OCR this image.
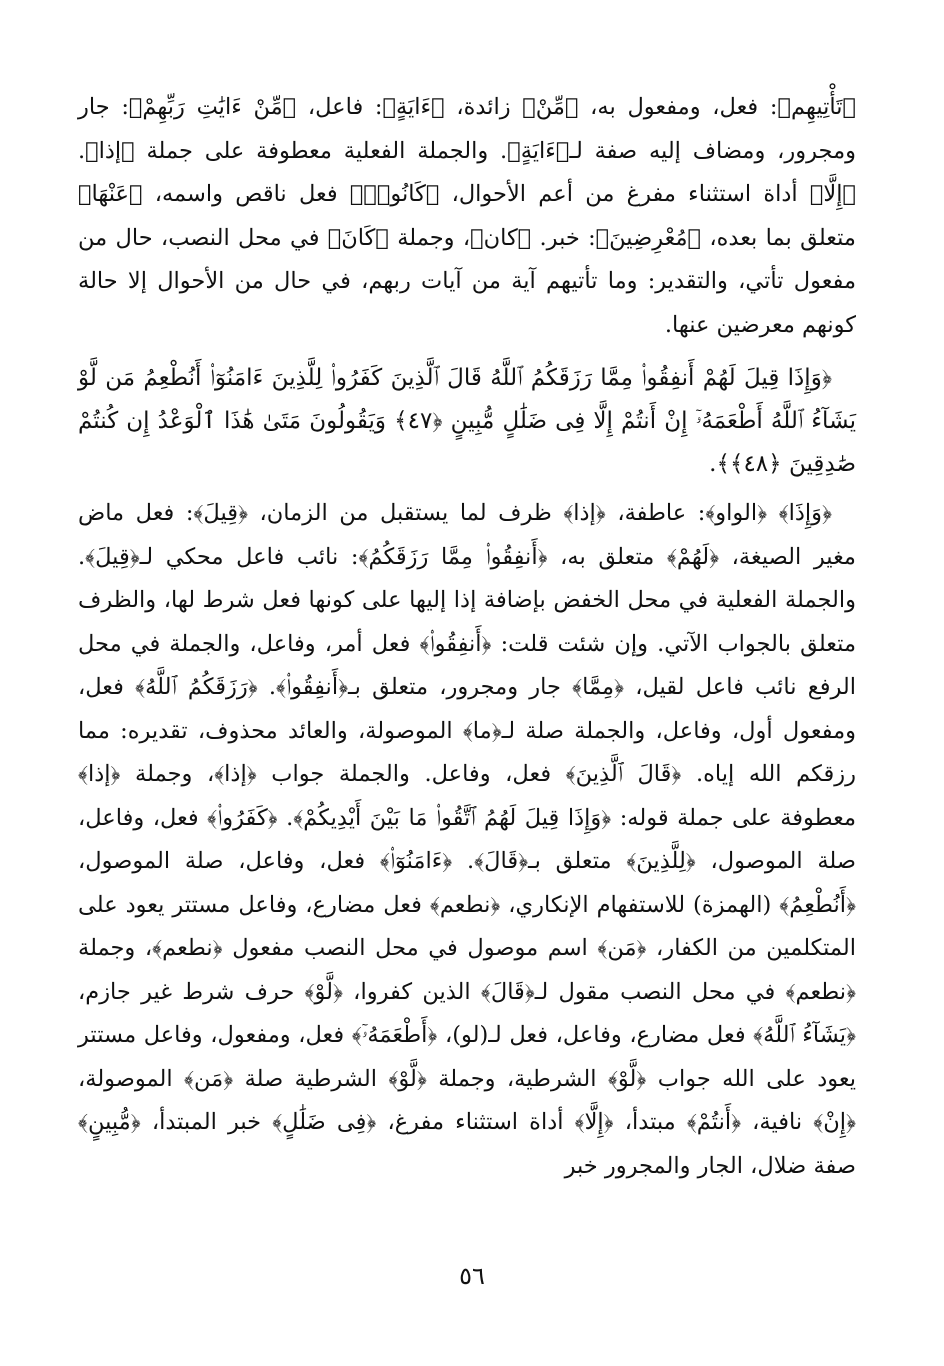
﴿تَأْتِيهِم﴾: فعل، ومفعول به، ﴿مِّنْ﴾ زائدة، ﴿ءَايَةٍ﴾: فاعل، ﴿مِّنْ ءَايَٰتِ رَبِّهِمْ﴾: جار ومجرور، ومضاف إليه صفة لـ﴿ءَايَةٍ﴾. والجملة الفعلية معطوفة على جملة ﴿إذا﴾. ﴿إِلَّا﴾ أداة استثناء مفرغ من أعم الأحوال، ﴿كَانُوا۟﴾ فعل ناقص واسمه، ﴿عَنْهَا﴾ متعلق بما بعده، ﴿مُعْرِضِينَ﴾: خبر. ﴿كان﴾، وجملة ﴿كَانَ﴾ في محل النصب، حال من مفعول تأتي، والتقدير: وما تأتيهم آية من آيات ربهم، في حال من الأحوال إلا حالة كونهم معرضين عنها.

﴿وَإِذَا قِيلَ لَهُمْ أَنفِقُوا۟ مِمَّا رَزَقَكُمُ ٱللَّهُ قَالَ ٱلَّذِينَ كَفَرُوا۟ لِلَّذِينَ ءَامَنُوٓا۟ أَنُطْعِمُ مَن لَّوْ يَشَآءُ ٱللَّهُ أَطْعَمَهُۥٓ إِنْ أَنتُمْ إِلَّا فِى ضَلَٰلٍ مُّبِينٍ ﴿٤٧﴾ وَيَقُولُونَ مَتَىٰ هَٰذَا ٱلْوَعْدُ إِن كُنتُمْ صَٰدِقِينَ ﴿٤٨﴾﴾.

﴿وَإِذَا﴾ ﴿الواو﴾: عاطفة، ﴿إذا﴾ ظرف لما يستقبل من الزمان، ﴿قِيلَ﴾: فعل ماض مغير الصيغة، ﴿لَهُمْ﴾ متعلق به، ﴿أَنفِقُوا۟ مِمَّا رَزَقَكُمُ﴾: نائب فاعل محكي لـ﴿قِيلَ﴾. والجملة الفعلية في محل الخفض بإضافة إذا إليها على كونها فعل شرط لها، والظرف متعلق بالجواب الآتي. وإن شئت قلت: ﴿أَنفِقُوا۟﴾ فعل أمر، وفاعل، والجملة في محل الرفع نائب فاعل لقيل، ﴿مِمَّا﴾ جار ومجرور، متعلق بـ﴿أَنفِقُوا۟﴾. ﴿رَزَقَكُمُ ٱللَّهُ﴾ فعل، ومفعول أول، وفاعل، والجملة صلة لـ﴿ما﴾ الموصولة، والعائد محذوف، تقديره: مما رزقكم الله إياه. ﴿قَالَ ٱلَّذِينَ﴾ فعل، وفاعل. والجملة جواب ﴿إذا﴾، وجملة ﴿إذا﴾ معطوفة على جملة قوله: ﴿وَإِذَا قِيلَ لَهُمُ ٱتَّقُوا۟ مَا بَيْنَ أَيْدِيكُمْ﴾. ﴿كَفَرُوا۟﴾ فعل، وفاعل، صلة الموصول، ﴿لِلَّذِينَ﴾ متعلق بـ﴿قَالَ﴾. ﴿ءَامَنُوٓا۟﴾ فعل، وفاعل، صلة الموصول، ﴿أَنُطْعِمُ﴾ (الهمزة) للاستفهام الإنكاري، ﴿نطعم﴾ فعل مضارع، وفاعل مستتر يعود على المتكلمين من الكفار، ﴿مَن﴾ اسم موصول في محل النصب مفعول ﴿نطعم﴾، وجملة ﴿نطعم﴾ في محل النصب مقول لـ﴿قَالَ﴾ الذين كفروا، ﴿لَّوْ﴾ حرف شرط غير جازم، ﴿يَشَآءُ ٱللَّهُ﴾ فعل مضارع، وفاعل، فعل لـ(لو)، ﴿أَطْعَمَهُۥٓ﴾ فعل، ومفعول، وفاعل مستتر يعود على الله جواب ﴿لَّوْ﴾ الشرطية، وجملة ﴿لَّوْ﴾ الشرطية صلة ﴿مَن﴾ الموصولة، ﴿إِنْ﴾ نافية، ﴿أَنتُمْ﴾ مبتدأ، ﴿إِلَّا﴾ أداة استثناء مفرغ، ﴿فِى ضَلَٰلٍ﴾ خبر المبتدأ، ﴿مُّبِينٍ﴾ صفة ضلال، الجار والمجرور خبر

٥٦
